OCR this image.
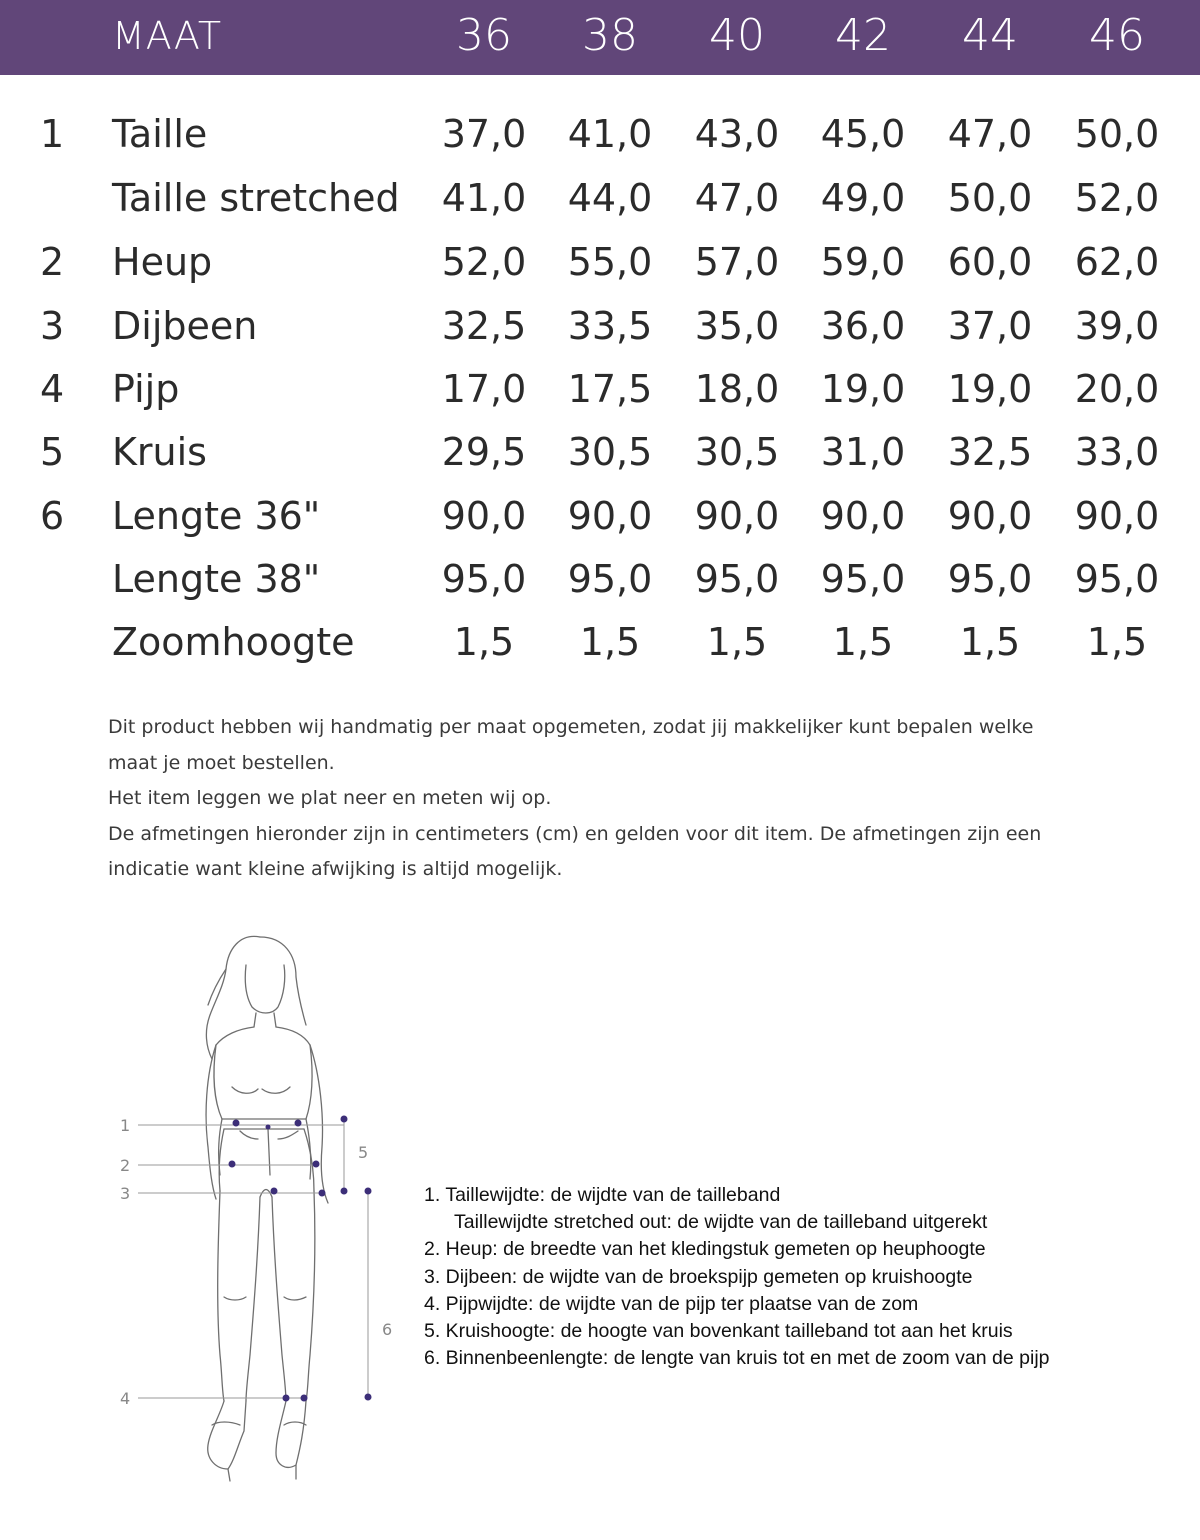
MAAT	36	38	40	42	44	46
1 Taille	37,0	41,0	43,0	45,0	47,0	50,0
Taille stretched	41,0	44,0	47,0	49,0	50,0	52,0
2 Heup	52,0	55,0	57,0	59,0	60,0	62,0
3 Dijbeen	32,5	33,5	35,0	36,0	37,0	39,0
4 Pijp	17,0	17,5	18,0	19,0	19,0	20,0
5 Kruis	29,5	30,5	30,5	31,0	32,5	33,0
6 Lengte 36"	90,0	90,0	90,0	90,0	90,0	90,0
Lengte 38"	95,0	95,0	95,0	95,0	95,0	95,0
Zoomhoogte	1,5	1,5	1,5	1,5	1,5	1,5

Dit product hebben wij handmatig per maat opgemeten, zodat jij makkelijker kunt bepalen welke

maat je moet bestellen.

Het item leggen we plat neer en meten wij op.

De afmetingen hieronder zijn in centimeters (cm) en gelden voor dit item. De afmetingen zijn een

indicatie want kleine afwijking is altijd mogelijk.

1
2
3
4
5
6
1. Taillewijdte: de wijdte van de tailleband
Taillewijdte stretched out: de wijdte van de tailleband uitgerekt
2. Heup: de breedte van het kledingstuk gemeten op heuphoogte
3. Dijbeen: de wijdte van de broekspijp gemeten op kruishoogte
4. Pijpwijdte: de wijdte van de pijp ter plaatse van de zom
5. Kruishoogte: de hoogte van bovenkant tailleband tot aan het kruis
6. Binnenbeenlengte: de lengte van kruis tot en met de zoom van de pijp
